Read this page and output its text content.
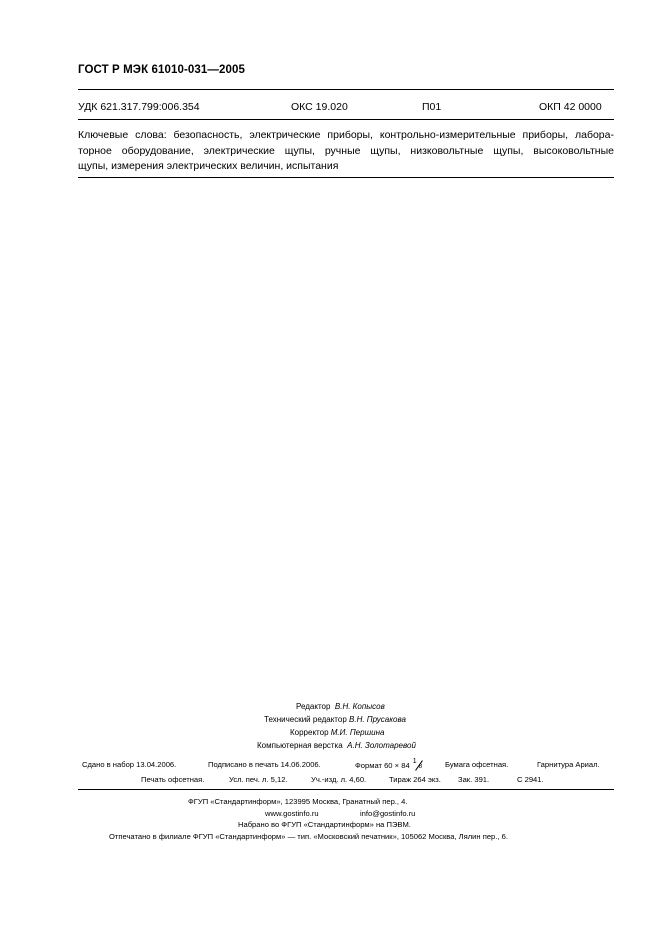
ГОСТ Р МЭК 61010-031—2005
УДК 621.317.799:006.354	ОКС 19.020	П01	ОКП 42 0000
Ключевые слова: безопасность, электрические приборы, контрольно-измерительные приборы, лабора-
торное оборудование, электрические щупы, ручные щупы, низковольтные щупы, высоковольтные
щупы, измерения электрических величин, испытания
Редактор В.Н. Копысов
Технический редактор В.Н. Прусакова
Корректор М.И. Першина
Компьютерная верстка А.Н. Золотаревой
Сдано в набор 13.04.2006.	Подписано в печать 14.06.2006.	Формат 60 × 84 1
8	Бумага офсетная.	Гарнитура Ариал.
Печать офсетная.	Усл. печ. л. 5,12.	Уч.-изд. л. 4,60.	Тираж 264 экз. Зак. 391.	С 2941.
ФГУП «Стандартинформ», 123995 Москва, Гранатный пер., 4.
www.gostinfo.ru	info@gostinfo.ru
Набрано во ФГУП «Стандартинформ» на ПЭВМ.
Отпечатано в филиале ФГУП «Стандартинформ» — тип. «Московский печатник», 105062 Москва, Лялин пер., 6.
